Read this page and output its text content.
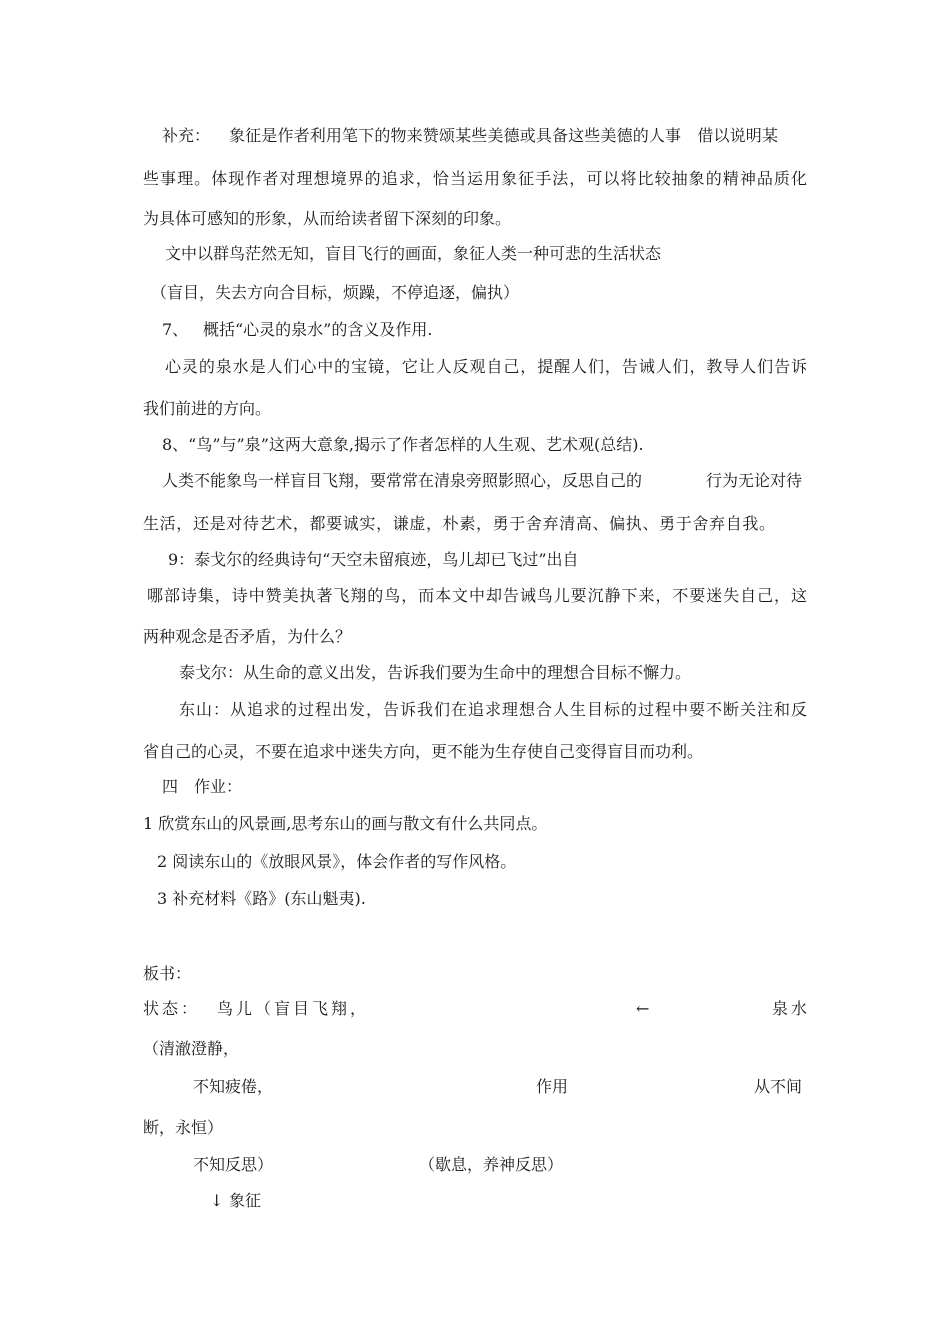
补充： 象征是作者利用笔下的物来赞颂某些美德或具备这些美德的人事　借以说明某
些事理。体现作者对理想境界的追求，恰当运用象征手法，可以将比较抽象的精神品质化
为具体可感知的形象，从而给读者留下深刻的印象。
文中以群鸟茫然无知，盲目飞行的画面，象征人类一种可悲的生活状态
（盲目，失去方向合目标，烦躁，不停追逐，偏执）
7、 概括“心灵的泉水”的含义及作用.
心灵的泉水是人们心中的宝镜，它让人反观自己，提醒人们，告诫人们，教导人们告诉
我们前进的方向。
8、“鸟”与”泉”这两大意象,揭示了作者怎样的人生观、艺术观(总结).
人类不能象鸟一样盲目飞翔，要常常在清泉旁照影照心，反思自己的	行为无论对待
生活，还是对待艺术，都要诚实，谦虚，朴素，勇于舍弃清高、偏执、勇于舍弃自我。
9：泰戈尔的经典诗句“天空未留痕迹，鸟儿却已飞过”出自
哪部诗集，诗中赞美执著飞翔的鸟，而本文中却告诫鸟儿要沉静下来，不要迷失自己，这
两种观念是否矛盾，为什么？
泰戈尔：从生命的意义出发，告诉我们要为生命中的理想合目标不懈力。
东山：从追求的过程出发，告诉我们在追求理想合人生目标的过程中要不断关注和反
省自己的心灵，不要在追求中迷失方向，更不能为生存使自己变得盲目而功利。
四　作业：
1 欣赏东山的风景画,思考东山的画与散文有什么共同点。
2 阅读东山的《放眼风景》，体会作者的写作风格。
3 补充材料《路》(东山魁夷).
板书：
状态： 鸟儿（盲目飞翔，	←	泉水
（清澈澄静，
不知疲倦，	作用	从不间
断，永恒）
不知反思）	（歇息，养神反思）
↓ 象征
